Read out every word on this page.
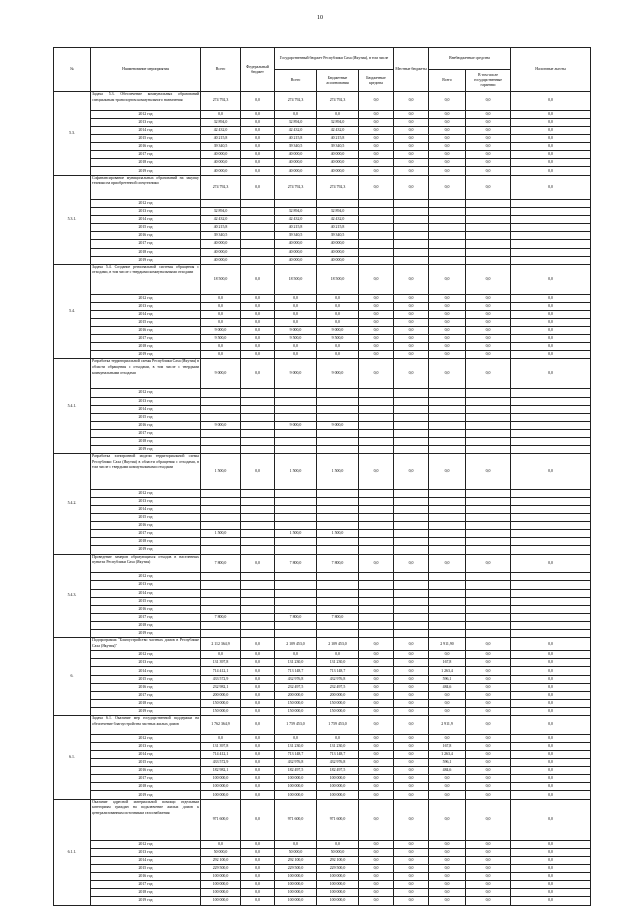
10
№	Наименование мероприятия	Всего	Федеральный бюджет	Государственный бюджет Республики Саха (Якутия), в том числе			Местные бюджеты	Внебюджетные средства		Налоговые льготы
				Всего	Бюджетные ассигнования	Бюджетные кредиты		Всего	В том числе государственные гарантии	
5.3.	Задача 5.3. Обеспечение коммунальных образований специальным транспортом коммунального назначения	274 792,3	0,0	274 792,3	274 792,3	0,0	0,0	0,0	0,0	0,0
	2012 год	0,0	0,0	0,0	0,0	0,0	0,0	0,0	0,0	0,0
	2013 год	32 894,0	0,0	32 894,0	32 894,0	0,0	0,0	0,0	0,0	0,0
	2014 год	42 432,0	0,0	42 432,0	42 432,0	0,0	0,0	0,0	0,0	0,0
	2015 год	40 215,8	0,0	40 215,8	40 215,8	0,0	0,0	0,0	0,0	0,0
	2016 год	39 340,5	0,0	39 340,5	39 340,5	0,0	0,0	0,0	0,0	0,0
	2017 год	40 000,0	0,0	40 000,0	40 000,0	0,0	0,0	0,0	0,0	0,0
	2018 год	40 000,0	0,0	40 000,0	40 000,0	0,0	0,0	0,0	0,0	0,0
	2019 год	40 000,0	0,0	40 000,0	40 000,0	0,0	0,0	0,0	0,0	0,0
5.3.1.	Софинансирование муниципальных образований на закупку техники на приобретенной спецтехники	274 792,3	0,0	274 792,3	274 792,3	0,0	0,0	0,0	0,0	0,0
	2012 год									
	2013 год	32 894,0		32 894,0	32 894,0					
	2014 год	42 432,0		42 432,0	42 432,0					
	2015 год	40 215,8		40 215,8	40 215,8					
	2016 год	39 340,5		39 340,5	39 340,5					
	2017 год	40 000,0		40 000,0	40 000,0					
	2018 год	40 000,0		40 000,0	40 000,0					
	2019 год	40 000,0		40 000,0	40 000,0					
5.4.	Задача 5.4. Создание региональной системы обращения с отходами, в том числе с твердыми коммунальными отходами	18 500,0	0,0	18 500,0	18 500,0	0,0	0,0	0,0	0,0	0,0
	2012 год	0,0	0,0	0,0	0,0	0,0	0,0	0,0	0,0	0,0
	2013 год	0,0	0,0	0,0	0,0	0,0	0,0	0,0	0,0	0,0
	2014 год	0,0	0,0	0,0	0,0	0,0	0,0	0,0	0,0	0,0
	2015 год	0,0	0,0	0,0	0,0	0,0	0,0	0,0	0,0	0,0
	2016 год	9 000,0	0,0	9 000,0	9 000,0	0,0	0,0	0,0	0,0	0,0
	2017 год	9 500,0	0,0	9 500,0	9 500,0	0,0	0,0	0,0	0,0	0,0
	2018 год	0,0	0,0	0,0	0,0	0,0	0,0	0,0	0,0	0,0
	2019 год	0,0	0,0	0,0	0,0	0,0	0,0	0,0	0,0	0,0
5.4.1.	Разработка территориальной схемы Республики Саха (Якутия) в области обращения с отходами, в том числе с твердыми коммунальными отходами	9 000,0	0,0	9 000,0	9 000,0	0,0	0,0	0,0	0,0	0,0
	2012 год									
	2013 год									
	2014 год									
	2015 год									
	2016 год	9 000,0		9 000,0	9 000,0					
	2017 год									
	2018 год									
	2019 год									
5.4.2.	Разработка электронной модели территориальной схемы Республики Саха (Якутия) в области обращения с отходами, в том числе с твердыми коммунальными отходами	1 500,0	0,0	1 500,0	1 500,0	0,0	0,0	0,0	0,0	0,0
	2012 год									
	2013 год									
	2014 год									
	2015 год									
	2016 год									
	2017 год	1 500,0		1 500,0	1 500,0					
	2018 год									
	2019 год									
5.4.3.	Проведение замеров образующихся отходов в населенных пунктах Республики Саха (Якутия)	7 800,0	0,0	7 800,0	7 800,0	0,0	0,0	0,0	0,0	0,0
	2012 год									
	2013 год									
	2014 год									
	2015 год									
	2016 год									
	2017 год	7 800,0		7 800,0	7 800,0					
	2018 год									
	2019 год									
6.	Подпрограмма "Благоустройство частных домов в Республике Саха (Якутия)"	2 112 364,9	0,0	2 109 453,0	2 109 453,0	0,0	0,0	2 911,90	0,0	0,0
	2012 год	0,0	0,0	0,0	0,0	0,0	0,0	0,0	0,0	0,0
	2013 год	131 397,8	0,0	131 230,0	131 230,0	0,0	0,0	167,8	0,0	0,0
	2014 год	714 412,1	0,0	713 148,7	713 148,7	0,0	0,0	1 263,4	0,0	0,0
	2015 год	433 572,9	0,0	432 976,8	432 976,8	0,0	0,0	596,1	0,0	0,0
	2016 год	232 982,1	0,0	232 497,5	232 497,5	0,0	0,0	484,6	0,0	0,0
	2017 год	200 000,0	0,0	200 000,0	200 000,0	0,0	0,0	0,0	0,0	0,0
	2018 год	150 000,0	0,0	150 000,0	150 000,0	0,0	0,0	0,0	0,0	0,0
	2019 год	150 000,0	0,0	150 000,0	150 000,0	0,0	0,0	0,0	0,0	0,0
6.1.	Задача 6.1. Оказание мер государственной поддержки на обеспечение благоустройства частных жилых домов	1 762 364,9	0,0	1 759 453,0	1 759 453,0	0,0	0,0	2 911,9	0,0	0,0
	2012 год	0,0	0,0	0,0	0,0	0,0	0,0	0,0	0,0	0,0
	2013 год	131 397,8	0,0	131 230,0	131 230,0	0,0	0,0	167,8	0,0	0,0
	2014 год	714 412,1	0,0	713 148,7	713 148,7	0,0	0,0	1 263,4	0,0	0,0
	2015 год	433 572,9	0,0	432 976,8	432 976,8	0,0	0,0	596,1	0,0	0,0
	2016 год	182 982,1	0,0	182 497,5	182 497,5	0,0	0,0	484,6	0,0	0,0
	2017 год	100 000,0	0,0	100 000,0	100 000,0	0,0	0,0	0,0	0,0	0,0
	2018 год	100 000,0	0,0	100 000,0	100 000,0	0,0	0,0	0,0	0,0	0,0
	2019 год	100 000,0	0,0	100 000,0	100 000,0	0,0	0,0	0,0	0,0	0,0
6.1.1.	Оказание адресной материальной помощи отдельным категориям граждан на подключение жилых домов к централизованным источникам газоснабжения	971 600,0	0,0	971 600,0	971 600,0	0,0	0,0	0,0	0,0	0,0
	2012 год	0,0	0,0	0,0	0,0	0,0	0,0	0,0	0,0	0,0
	2013 год	50 000,0	0,0	50 000,0	50 000,0	0,0	0,0	0,0	0,0	0,0
	2014 год	292 100,0	0,0	292 100,0	292 100,0	0,0	0,0	0,0	0,0	0,0
	2015 год	229 500,0	0,0	229 500,0	229 500,0	0,0	0,0	0,0	0,0	0,0
	2016 год	100 000,0	0,0	100 000,0	100 000,0	0,0	0,0	0,0	0,0	0,0
	2017 год	100 000,0	0,0	100 000,0	100 000,0	0,0	0,0	0,0	0,0	0,0
	2018 год	100 000,0	0,0	100 000,0	100 000,0	0,0	0,0	0,0	0,0	0,0
	2019 год	100 000,0	0,0	100 000,0	100 000,0	0,0	0,0	0,0	0,0	0,0
